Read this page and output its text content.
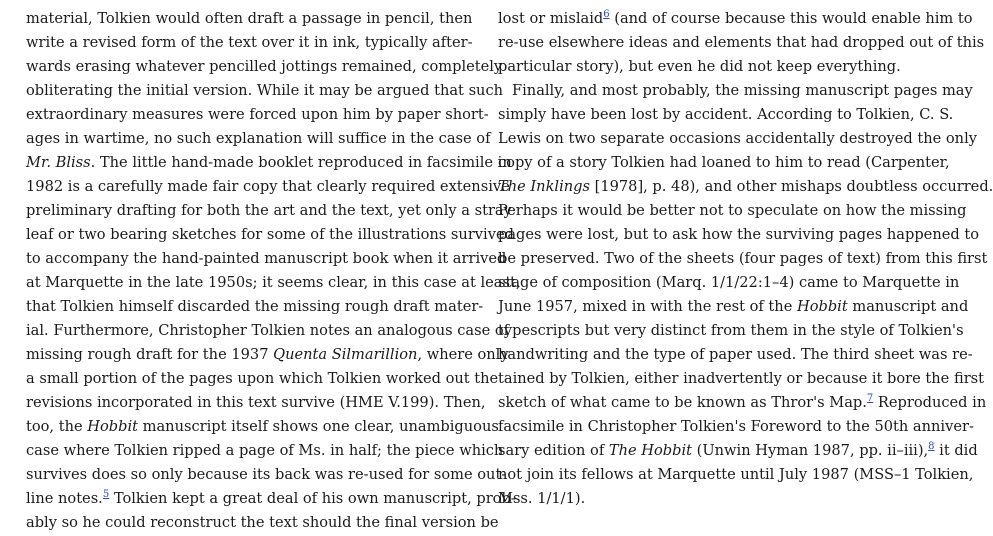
material, Tolkien would often draft a passage in pencil, then
write a revised form of the text over it in ink, typically after-
wards erasing whatever pencilled jottings remained, completely
obliterating the initial version. While it may be argued that such
extraordinary measures were forced upon him by paper short-
ages in wartime, no such explanation will suffice in the case of
Mr. Bliss. The little hand-made booklet reproduced in facsimile in
1982 is a carefully made fair copy that clearly required extensive
preliminary drafting for both the art and the text, yet only a stray
leaf or two bearing sketches for some of the illustrations survived
to accompany the hand-painted manuscript book when it arrived
at Marquette in the late 1950s; it seems clear, in this case at least,
that Tolkien himself discarded the missing rough draft mater-
ial. Furthermore, Christopher Tolkien notes an analogous case of
missing rough draft for the 1937 Quenta Silmarillion, where only
a small portion of the pages upon which Tolkien worked out the
revisions incorporated in this text survive (HME V.199). Then,
too, the Hobbit manuscript itself shows one clear, unambiguous
case where Tolkien ripped a page of Ms. in half; the piece which
survives does so only because its back was re-used for some out-
line notes.$^5$ Tolkien kept a great deal of his own manuscript, prob-
ably so he could reconstruct the text should the final version be
lost or mislaid$^6$ (and of course because this would enable him to
re-use elsewhere ideas and elements that had dropped out of this
particular story), but even he did not keep everything.
Finally, and most probably, the missing manuscript pages may
simply have been lost by accident. According to Tolkien, C. S.
Lewis on two separate occasions accidentally destroyed the only
copy of a story Tolkien had loaned to him to read (Carpenter,
The Inklings [1978], p. 48), and other mishaps doubtless occurred.
Perhaps it would be better not to speculate on how the missing
pages were lost, but to ask how the surviving pages happened to
be preserved. Two of the sheets (four pages of text) from this first
stage of composition (Marq. 1/1/22:1–4) came to Marquette in
June 1957, mixed in with the rest of the Hobbit manuscript and
typescripts but very distinct from them in the style of Tolkien's
handwriting and the type of paper used. The third sheet was re-
tained by Tolkien, either inadvertently or because it bore the first
sketch of what came to be known as Thror's Map.$^7$ Reproduced in
facsimile in Christopher Tolkien's Foreword to the 50th anniver-
sary edition of The Hobbit (Unwin Hyman 1987, pp. ii–iii),$^8$ it did
not join its fellows at Marquette until July 1987 (MSS–1 Tolkien,
Mss. 1/1/1).
